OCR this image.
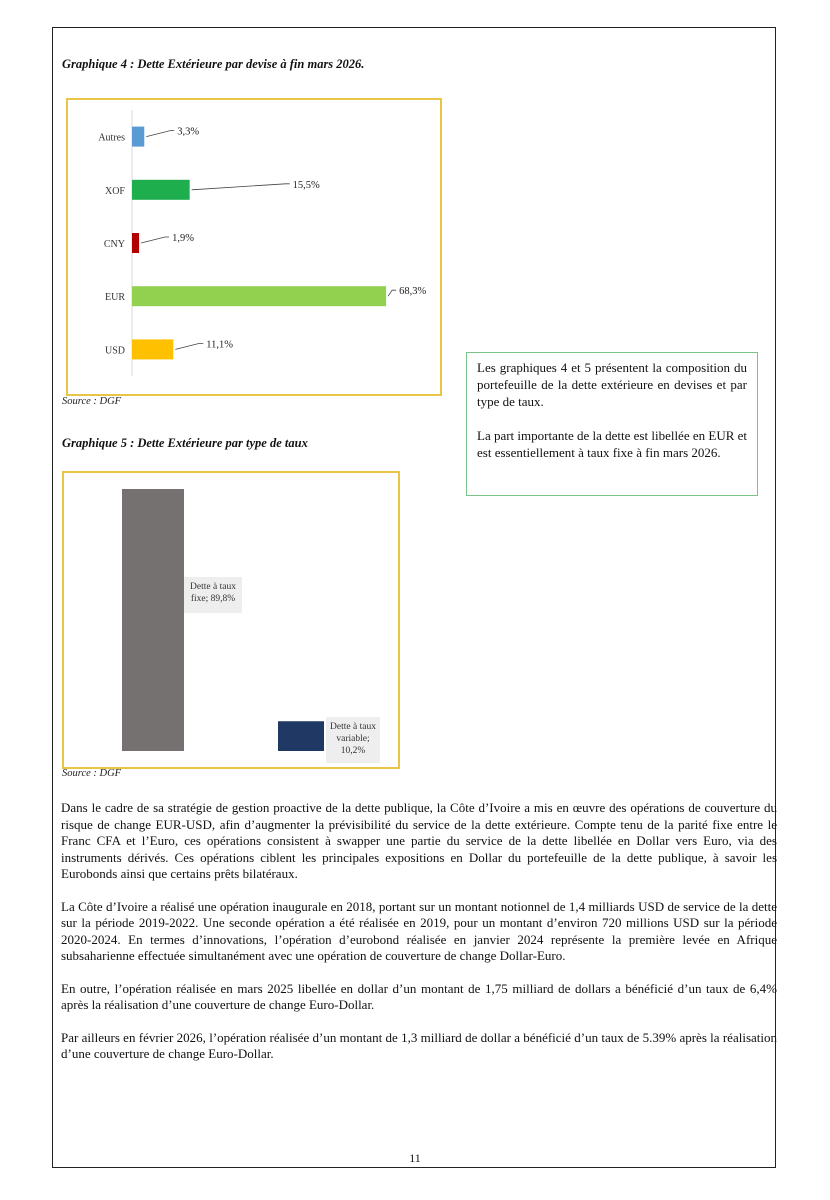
Graphique 4 : Dette Extérieure par devise à fin mars 2026.
Autres
3,3%
XOF
15,5%
CNY
1,9%
EUR
68,3%
USD
11,1%
Source : DGF
Graphique 5 : Dette Extérieure par type de taux
Dette à taux
fixe; 89,8%
Dette à taux
variable;
10,2%
Source : DGF

Les graphiques 4 et 5 présentent la composition du portefeuille de la dette extérieure en devises et par type de taux.

La part importante de la dette est libellée en EUR et est essentiellement à taux fixe à fin mars 2026.

Dans le cadre de sa stratégie de gestion proactive de la dette publique, la Côte d’Ivoire a mis en œuvre des opérations de couverture du risque de change EUR-USD, afin d’augmenter la prévisibilité du service de la dette extérieure. Compte tenu de la parité fixe entre le Franc CFA et l’Euro, ces opérations consistent à swapper une partie du service de la dette libellée en Dollar vers Euro, via des instruments dérivés. Ces opérations ciblent les principales expositions en Dollar du portefeuille de la dette publique, à savoir les Eurobonds ainsi que certains prêts bilatéraux.

La Côte d’Ivoire a réalisé une opération inaugurale en 2018, portant sur un montant notionnel de 1,4 milliards USD de service de la dette sur la période 2019-2022. Une seconde opération a été réalisée en 2019, pour un montant d’environ 720 millions USD sur la période 2020-2024. En termes d’innovations, l’opération d’eurobond réalisée en janvier 2024 représente la première levée en Afrique subsaharienne effectuée simultanément avec une opération de couverture de change Dollar-Euro.

En outre, l’opération réalisée en mars 2025 libellée en dollar d’un montant de 1,75 milliard de dollars a bénéficié d’un taux de 6,4% après la réalisation d’une couverture de change Euro-Dollar.

Par ailleurs en février 2026, l’opération réalisée d’un montant de 1,3 milliard de dollar a bénéficié d’un taux de 5.39% après la réalisation d’une couverture de change Euro-Dollar.

11
